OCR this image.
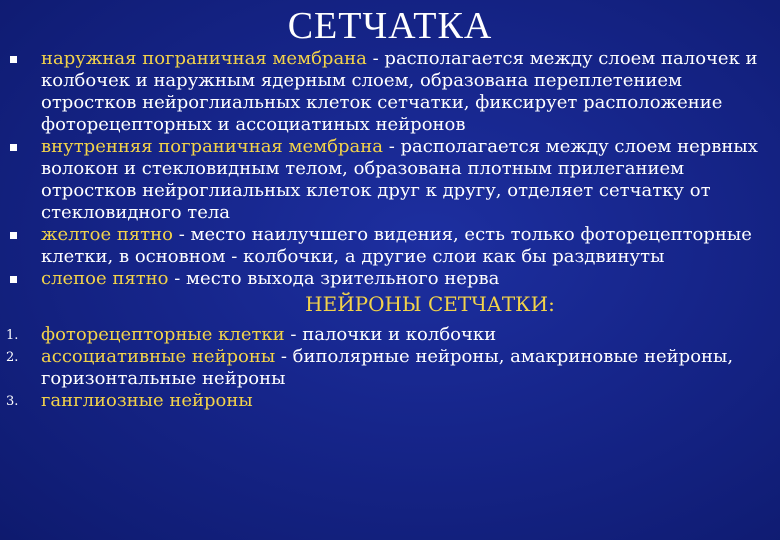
СЕТЧАТКА
наружная пограничная мембрана - располагается между слоем палочек и колбочек и наружным ядерным слоем, образована переплетением отростков нейроглиальных клеток сетчатки, фиксирует расположение фоторецепторных и ассоциатиных нейронов
внутренняя пограничная мембрана - располагается между слоем нервных волокон и стекловидным телом, образована плотным прилеганием отростков нейроглиальных клеток друг к другу, отделяет сетчатку от стекловидного тела
желтое пятно - место наилучшего видения, есть только фоторецепторные клетки, в основном - колбочки, а другие слои как бы раздвинуты
слепое пятно - место выхода зрительного нерва
НЕЙРОНЫ СЕТЧАТКИ:
1. фоторецепторные клетки - палочки и колбочки
2. ассоциативные нейроны - биполярные нейроны, амакриновые нейроны, горизонтальные нейроны
3. ганглиозные нейроны
